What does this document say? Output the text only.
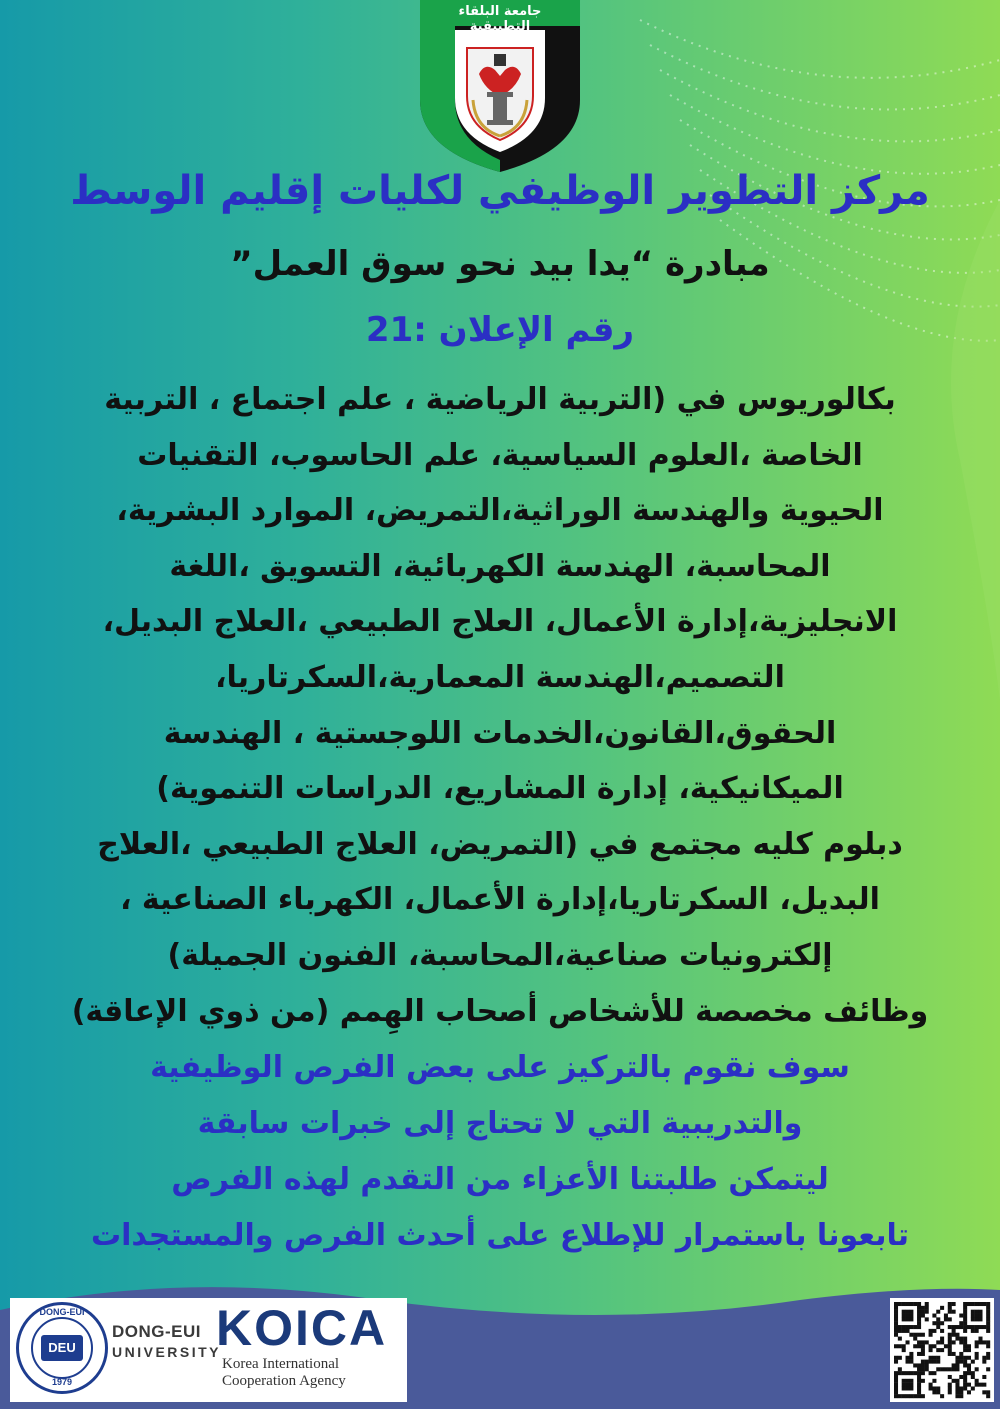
جامعة البلقاء التطبيقية
مركز التطوير الوظيفي لكليات إقليم الوسط
مبادرة “يدا بيد نحو سوق العمل”
رقم الإعلان :21

بكالوريوس في (التربية الرياضية ، علم اجتماع ، التربية

الخاصة ،العلوم السياسية، علم الحاسوب، التقنيات

الحيوية والهندسة الوراثية،التمريض، الموارد البشرية،

المحاسبة، الهندسة الكهربائية، التسويق ،اللغة

الانجليزية،إدارة الأعمال، العلاج الطبيعي ،العلاج البديل،

التصميم،الهندسة المعمارية،السكرتاريا،

الحقوق،القانون،الخدمات اللوجستية ، الهندسة

الميكانيكية، إدارة المشاريع، الدراسات التنموية)

دبلوم كليه مجتمع في (التمريض، العلاج الطبيعي ،العلاج

البديل، السكرتاريا،إدارة الأعمال، الكهرباء الصناعية ،

إلكترونيات صناعية،المحاسبة، الفنون الجميلة)

وظائف مخصصة للأشخاص أصحاب الهِمم (من ذوي الإعاقة)

سوف نقوم بالتركيز على بعض الفرص الوظيفية

والتدريبية التي لا تحتاج إلى خبرات سابقة

ليتمكن طلبتنا الأعزاء من التقدم لهذه الفرص

تابعونا باستمرار للإطلاع على أحدث الفرص والمستجدات

DONG-EUI
DEU
1979
DONG-EUI
UNIVERSITY
KOICA
Korea International
Cooperation Agency
